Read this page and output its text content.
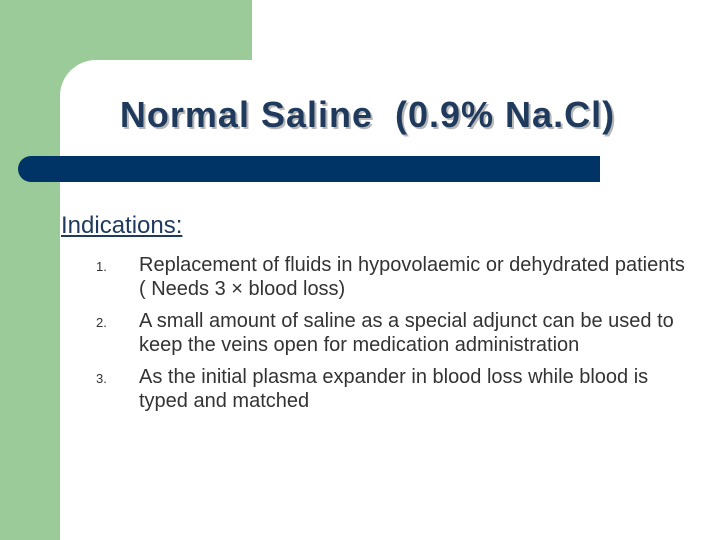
Normal Saline  (0.9% Na.Cl)
Indications:
1. Replacement of fluids in hypovolaemic or dehydrated patients ( Needs 3 × blood loss)
2. A small amount of saline as a special adjunct can be used to keep the veins open for medication administration
3. As the initial plasma expander in blood loss while blood is typed and matched
